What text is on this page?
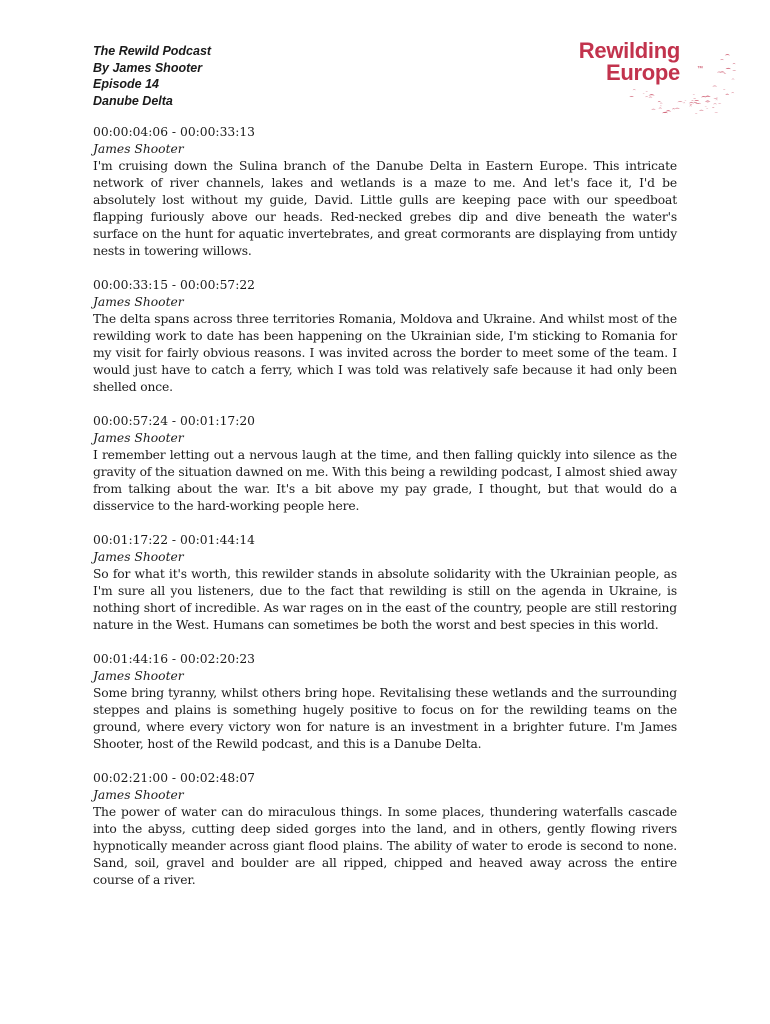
The Rewild Podcast
By James Shooter
Episode 14
Danube Delta
Rewilding
Europe	™
00:00:04:06 - 00:00:33:13
James Shooter
I'm cruising down the Sulina branch of the Danube Delta in Eastern Europe. This intricate network of river channels, lakes and wetlands is a maze to me. And let's face it, I'd be absolutely lost without my guide, David. Little gulls are keeping pace with our speedboat flapping furiously above our heads. Red-necked grebes dip and dive beneath the water's surface on the hunt for aquatic invertebrates, and great cormorants are displaying from untidy nests in towering willows.
00:00:33:15 - 00:00:57:22
James Shooter
The delta spans across three territories Romania, Moldova and Ukraine. And whilst most of the rewilding work to date has been happening on the Ukrainian side, I'm sticking to Romania for my visit for fairly obvious reasons. I was invited across the border to meet some of the team. I would just have to catch a ferry, which I was told was relatively safe because it had only been shelled once.
00:00:57:24 - 00:01:17:20
James Shooter
I remember letting out a nervous laugh at the time, and then falling quickly into silence as the gravity of the situation dawned on me. With this being a rewilding podcast, I almost shied away from talking about the war. It's a bit above my pay grade, I thought, but that would do a disservice to the hard-working people here.
00:01:17:22 - 00:01:44:14
James Shooter
So for what it's worth, this rewilder stands in absolute solidarity with the Ukrainian people, as I'm sure all you listeners, due to the fact that rewilding is still on the agenda in Ukraine, is nothing short of incredible. As war rages on in the east of the country, people are still restoring nature in the West. Humans can sometimes be both the worst and best species in this world.
00:01:44:16 - 00:02:20:23
James Shooter
Some bring tyranny, whilst others bring hope. Revitalising these wetlands and the surrounding steppes and plains is something hugely positive to focus on for the rewilding teams on the ground, where every victory won for nature is an investment in a brighter future. I'm James Shooter, host of the Rewild podcast, and this is a Danube Delta.
00:02:21:00 - 00:02:48:07
James Shooter
The power of water can do miraculous things. In some places, thundering waterfalls cascade into the abyss, cutting deep sided gorges into the land, and in others, gently flowing rivers hypnotically meander across giant flood plains. The ability of water to erode is second to none. Sand, soil, gravel and boulder are all ripped, chipped and heaved away across the entire course of a river.
